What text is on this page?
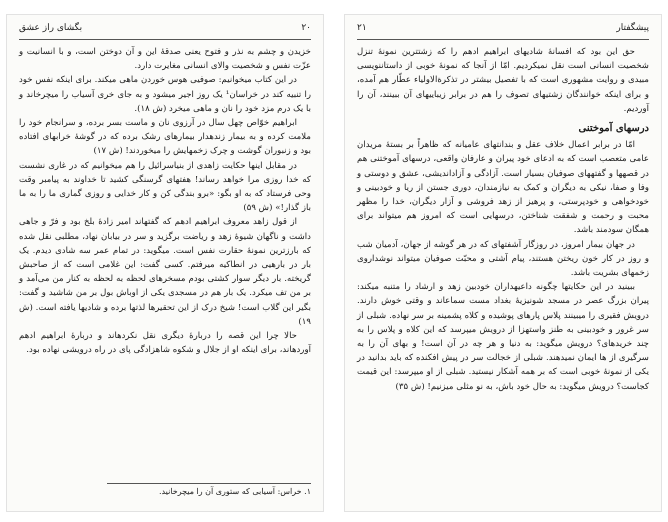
۲۰
بگشای راز عشق

خزیدن و چشم به نذر و فتوح یعنی صدقهٔ این و آن دوختن است، و با انسانیت و عزّت نفس و شخصیت والای انسانی مغایرت دارد.

در این کتاب میخوانیم: صوفیی هوس خوردن ماهی میکند. برای اینکه نفس خود را تنبیه کند در خراسان¹ یک روز اجیر میشود و به جای خری آسیاب را میچرخاند و با یک درم مزد خود را نان و ماهی میخرد (ش ۱۸).

ابراهیم خوّاص چهل سال در آرزوی نان و ماست بسر برده، و سرانجام خود را ملامت کرده و به بیمار زندهدار بیمارهای رشک برده که در گوشهٔ خرابهای افتاده بود و زنبوران گوشت و چرک زخمهایش را میخوردند! (ش ۱۷)

در مقابل اینها حکایت زاهدی از بنیاسرائیل را هم میخوانیم که در غاری نشست که خدا روزی مرا خواهد رساند! هفتهای گرسنگی کشید تا خداوند به پیامبر وقت وحی فرستاد که به او بگو: «برو بندگی کن و کار خدایی و روزی گماری ما را به ما باز گذار!» (ش ۵۹)

از قول زاهد معروف ابراهیم ادهم که گفتهاند امیر زادهٔ بلخ بود و فرّ و جاهی داشت و ناگهان شیوهٔ زهد و ریاضت برگزید و سر در بیابان نهاد، مطلبی نقل شده که بارزترین نمونهٔ حقارت نفس است. میگوید: در تمام عمر سه شادی دیدم. یک بار در بارهیی در انطاکیه میرفتم. کسی گفت: این غلامی است که از صاحبش گریخته. بار دیگر سوار کشتی بودم مسخرهای لحظه به لحظه به کنار من می‌آمد و بر من تف میکرد. یک بار هم در مسجدی یکی از اوباش بول بر من شاشید و گفت: بگیر این گلاب است! شیخ درک از این تحقیرها لذتها برده و شادیها یافته است. (ش ۱۹)

حالا چرا این قصه را دربارهٔ دیگری نقل نکردهاند و دربارهٔ ابراهیم ادهم آوردهاند، برای اینکه او از جلال و شکوه شاهزادگی پای در راه درویشی نهاده بود.

۱. خراس: آسیابی که ستوری آن را میچرخانید.
پیشگفتار
۲۱

حق این بود که افسانهٔ شادیهای ابراهیم ادهم را که زشتترین نمونهٔ تنزل شخصیت انسانی است نقل نمیکردیم. امّا از آنجا که نمونهٔ خوبی از داستاننویسی مبیدی و روایت مشهوری است که با تفصیل بیشتر در تذکرةالاولیاء عطّار هم آمده، و برای اینکه خوانندگان زشتیهای تصوف را هم در برابر زیباییهای آن ببینند، آن را آوردیم.

درسهای آموختنی

امّا در برابر اعمال خلاف عقل و بندانتهای عامیانه که ظاهراً بر بستهٔ مریدان عامی متعصب است که به ادعای خود پیران و عارفان واقعی، درسهای آموختنی هم در قصهها و گفتههای صوفیان بسیار است. آزادگی و آزاداندیشی، عشق و دوستی و وفا و صفا، نیکی به دیگران و کمک به نیازمندان، دوری جستن از ریا و خودبینی و خودخواهی و خودپرستی، و پرهیز از زهد فروشی و آزار دیگران، خدا را مظهر محبت و رحمت و شفقت شناختن، درسهایی است که امروز هم میتواند برای همگان سودمند باشد.

در جهان بیمار امروز، در روزگار آشفتهای که در هر گوشه از جهان، آدمیان شب و روز در کار خون ریختن هستند، پیام آشتی و محبّت صوفیان میتواند نوشداروی زخمهای بشریت باشد.

ببینید در این حکایتها چگونه داعیهداران خودبین زهد و ارشاد را متنبه میکند: پیران بزرگ عصر در مسجد شونیزیهٔ بغداد مست سماعاند و وقتی خوش دارند. درویش فقیری را میبینند پلاس پارهای پوشیده و کلاه پشمینه بر سر نهاده. شبلی از سر غرور و خودبینی به طنز واستهزا از درویش میپرسد که این کلاه و پلاس را به چند خریدهای؟ درویش میگوید: به دنیا و هر چه در آن است! و بهای آن را به سرگیری از ها ایمان نمیدهند. شبلی از خجالت سر در پیش افکنده که باید بدانید در یکی از نمونهٔ خوبی است که بر همه آشکار نیستید. شبلی از او میپرسد: این قیمت کجاست؟ درویش میگوید: به حال خود باش، به نو مثلی میزنیم! (ش ۳۵)
